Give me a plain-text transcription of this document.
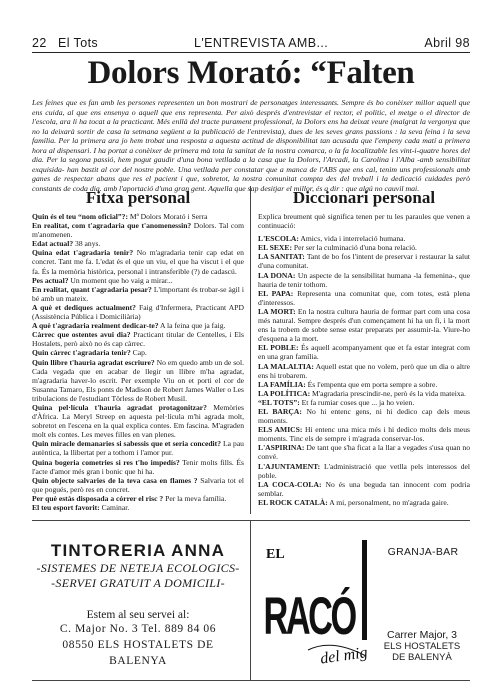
22 El Tots	L'ENTREVISTA AMB...	Abril 98
Dolors Morató: “Falten
Les feines que es fan amb les persones representen un bon mostrari de personatges interessants. Sempre és bo conèixer millor aquell que ens cuida, al que ens ensenya o aquell que ens representa. Per això després d'entrevistar el rector, el polític, el metge o el director de l'escola, ara li ha tocat a la practicant. Més enllà del tracte purament professional, la Dolors ens ha deixat veure (malgrat la vergonya que no la deixarà sortir de casa la setmana següent a la publicació de l'entrevista), dues de les seves grans passions : la seva feina i la seva família. Per la primera ara jo hem trobat una resposta a aquesta actitud de disponibilitat tan acusada que l'empeny cada matí a primera hora al dispensari. I ha portat a conèixer de primera mà tota la sanitat de la nostra comarca, o la fa localitzable les vint-i-quatre hores del dia. Per la segona passió, hem pogut gaudir d'una bona vetllada a la casa que la Dolors, l'Arcadi, la Carolina i l'Alba -amb sensibilitat exquisida- han bastit al cor del nostre poble. Una vetllada per constatar que a manca de l'ABS que ens cal, tenim uns professionals amb ganes de respectar abans que res el pacient i que, sobretot, la nostra comunitat compta des del treball i la dedicació cuidades però constants de coda dia. amb l'aportació d'una gran gent. Aquella que sap desitjar el millor, és a dir : que algú no cauvil mai.
Fitxa personal

Quin és el teu “nom oficial”?: Mª Dolors Morató i Serra

En realitat, com t'agradaria que t'anomenessin? Dolors. Tal com m'anomenen.

Edat actual? 38 anys.

Quina edat t'agradaria tenir? No m'agradaria tenir cap edat en concret. Tant me fa. L'edat és el que un viu, el que ha viscut i el que fa. És la memòria històrica, personal i intransferible (?) de cadascú.

Pes actual? Un moment que ho vaig a mirar...

En realitat, quant t'agradaria pesar? L'important és trobar-se àgil i bé amb un mateix.

A què et dediques actualment? Faig d'Infermera, Practicant APD (Assistència Pública i Domiciliària)

A què t'agradaria realment dedicar-te? A la feina que ja faig.

Càrrec que ostentes avui dia? Practicant titular de Centelles, i Els Hostalets, però això no és cap càrrec.

Quin càrrec t'agradaria tenir? Cap.

Quin llibre t'hauria agradat escriure? No em quedo amb un de sol. Cada vegada que en acabar de llegir un llibre m'ha agradat, m'agradaria haver-lo escrit. Per exemple Viu on et porti el cor de Susanna Tamaro, Els ponts de Madison de Robert James Waller o Les tribulacions de l'estudiant Törless de Robert Musil.

Quina pel·lícula t'hauria agradat protagonitzar? Memòries d'Àfrica. La Meryl Streep en aquesta pel·lícula m'hi agrada molt, sobretot en l'escena en la qual explica contes. Em fascina. M'agraden molt els contes. Les meves filles en van plenes.

Quin miracle demanaries si sabessis que et seria concedit? La pau autèntica, la llibertat per a tothom i l'amor pur.

Quina bogeria cometries si res t'ho impedís? Tenir molts fills. És l'acte d'amor més gran i bonic que hi ha.

Quin objecte salvaries de la teva casa en flames ? Salvaria tot el que pogués, però res en concret.

Per què estàs disposada a córrer el risc ? Per la meva família.

El teu esport favorit: Caminar.

Diccionari personal

Explica breument què significa tenen per tu les paraules que venen a continuació:

L'ESCOLA: Amics, vida i interrelació humana.

EL SEXE: Per ser la culminació d'una bona relació.

LA SANITAT: Tant de bo fos l'intent de preservar i restaurar la salut d'una comunitat.

LA DONA: Un aspecte de la sensibilitat humana -la femenina-, que hauria de tenir tothom.

EL PAPA: Representa una comunitat que, com totes, està plena d'interessos.

LA MORT: En la nostra cultura hauria de formar part com una cosa més natural. Sempre després d'un començament hi ha un fi, i la mort ens la trobem de sobte sense estar preparats per assumir-la. Viure-ho d'esquena a la mort.

EL POBLE: És aquell acompanyament que et fa estar integrat com en una gran família.

LA MALALTIA: Aquell estat que no volem, però que un dia o altre ens hi trobarem.

LA FAMÍLIA: És l'empenta que em porta sempre a sobre.

LA POLÍTICA: M'agradaria prescindir-ne, però és la vida mateixa.

“EL TOTS”: Et fa rumiar coses que ... ja ho veien.

EL BARÇA: No hi entenc gens, ni hi dedico cap dels meus moments.

ELS AMICS: Hi entenc una mica més i hi dedico molts dels meus moments. Tinc els de sempre i m'agrada conservar-los.

L'ASPIRINA: De tant que s'ha ficat a la llar a vegades s'usa quan no convé.

L'AJUNTAMENT: L'administració que vetlla pels interessos del poble.

LA COCA-COLA: No és una beguda tan innocent com podria semblar.

EL ROCK CATALÀ: A mi, personalment, no m'agrada gaire.

TINTORERIA ANNA
-SISTEMES DE NETEJA ECOLOGICS-
-SERVEI GRATUIT A DOMICILI-
Estem al seu servei al:
C. Major No. 3 Tel. 889 84 06
08550 ELS HOSTALETS DE BALENYA
EL
RACÓ
del mig
GRANJA-BAR
Carrer Major, 3
ELS HOSTALETS
DE BALENYÀ
